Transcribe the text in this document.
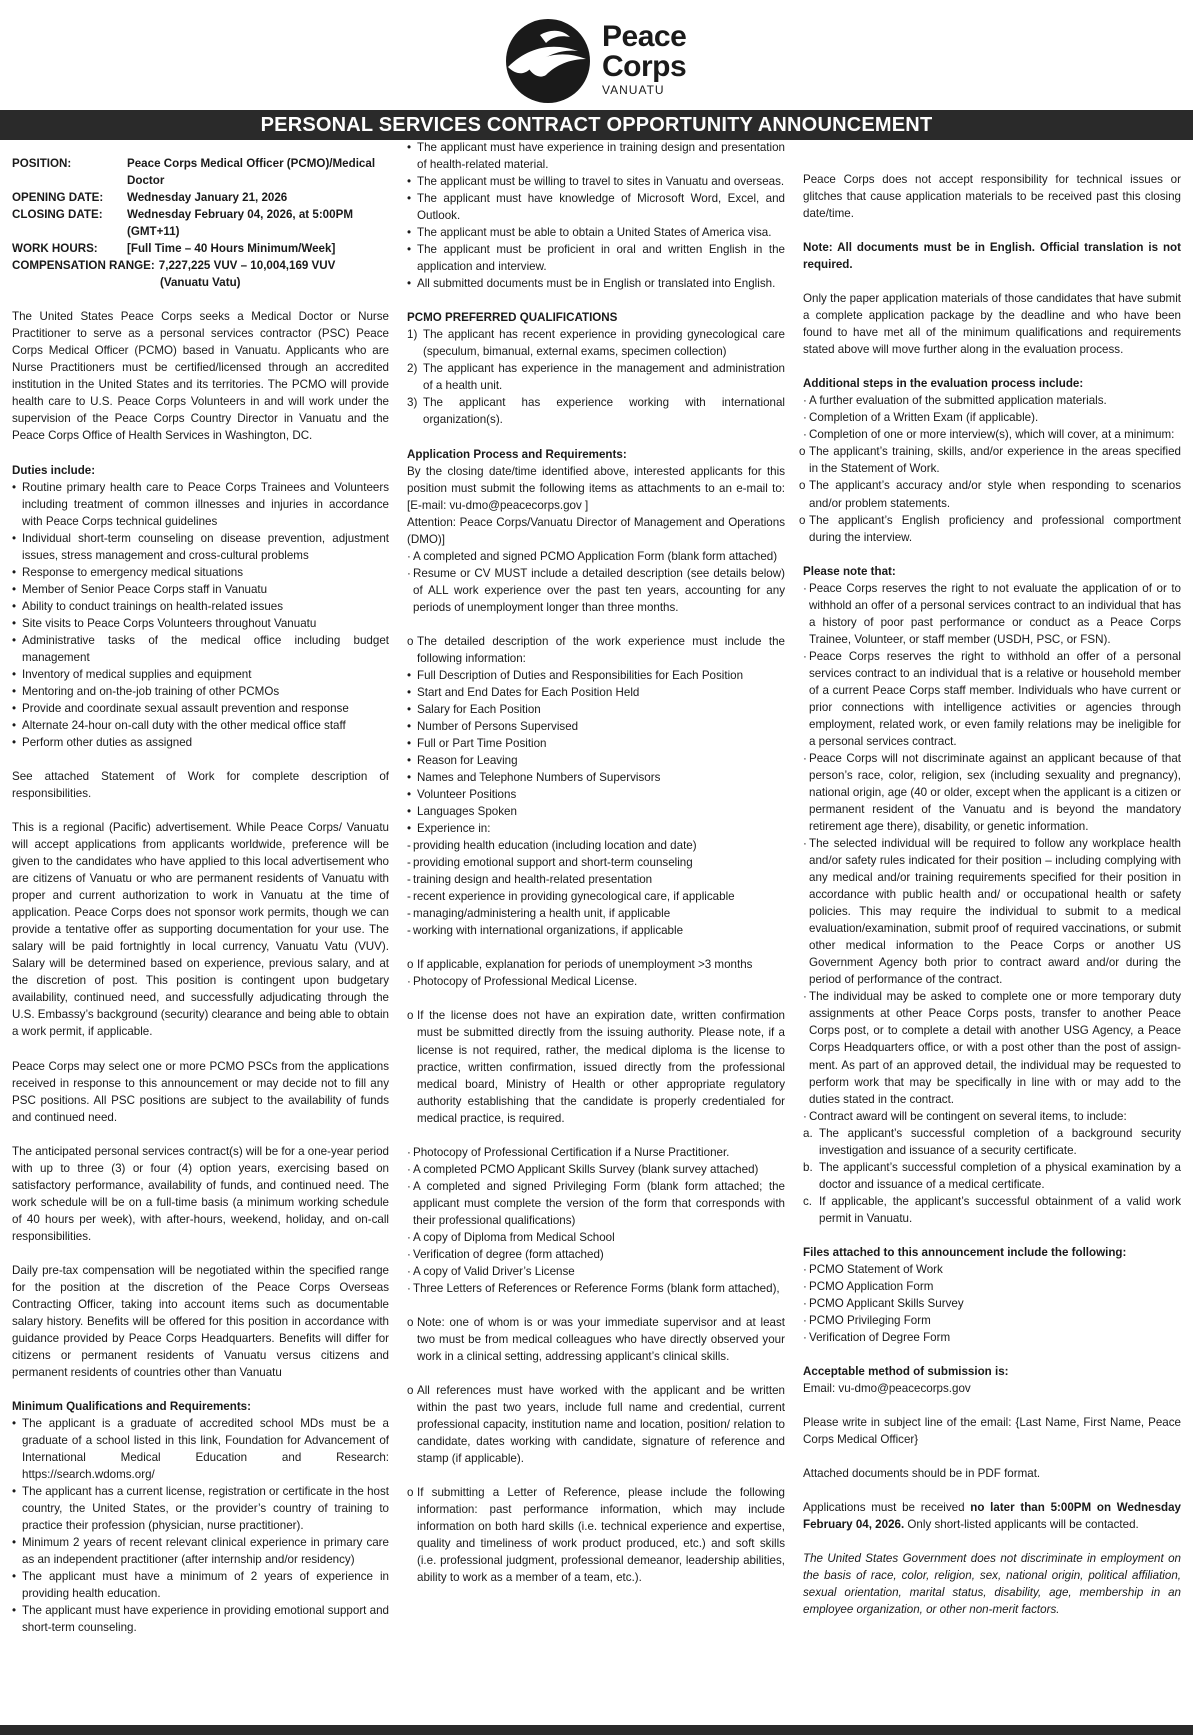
Peace
Corps
VANUATU
PERSONAL SERVICES CONTRACT OPPORTUNITY ANNOUNCEMENT
POSITION:	Peace Corps Medical Officer (PCMO)/Medical Doctor
OPENING DATE:	Wednesday January 21, 2026
CLOSING DATE:	Wednesday February 04, 2026, at 5:00PM (GMT+11)
WORK HOURS:	[Full Time – 40 Hours Minimum/Week]
COMPENSATION RANGE: 7,227,225 VUV – 10,004,169 VUV
(Vanuatu Vatu)

The United States Peace Corps seeks a Medical Doctor or Nurse Practitioner to serve as a personal services contractor (PSC) Peace Corps Medical Officer (PCMO) based in Vanuatu. Applicants who are Nurse Practitioners must be certified/licensed through an accredited institution in the United States and its territories. The PCMO will provide health care to U.S. Peace Corps Volunteers in and will work under the supervision of the Peace Corps Country Director in Vanuatu and the Peace Corps Office of Health Services in Washington, DC.

Duties include:
• Routine primary health care to Peace Corps Trainees and Volunteers including treatment of common illnesses and injuries in accordance with Peace Corps technical guidelines
• Individual short-term counseling on disease prevention, adjustment issues, stress management and cross-cultural problems
• Response to emergency medical situations
• Member of Senior Peace Corps staff in Vanuatu
• Ability to conduct trainings on health-related issues
• Site visits to Peace Corps Volunteers throughout Vanuatu
• Administrative tasks of the medical office including budget management
• Inventory of medical supplies and equipment
• Mentoring and on-the-job training of other PCMOs
• Provide and coordinate sexual assault prevention and response
• Alternate 24-hour on-call duty with the other medical office staff
• Perform other duties as assigned

See attached Statement of Work for complete description of responsibilities.

This is a regional (Pacific) advertisement. While Peace Corps/ Vanuatu will accept applications from applicants worldwide, preference will be given to the candidates who have applied to this local advertisement who are citizens of Vanuatu or who are permanent residents of Vanuatu with proper and current authorization to work in Vanuatu at the time of application. Peace Corps does not sponsor work permits, though we can provide a tentative offer as supporting documentation for your use. The salary will be paid fortnightly in local currency, Vanuatu Vatu (VUV). Salary will be determined based on experience, previous salary, and at the discretion of post. This position is contingent upon budgetary availability, continued need, and successfully adjudicating through the U.S. Embassy’s background (security) clearance and being able to obtain a work permit, if applicable.

Peace Corps may select one or more PCMO PSCs from the applications received in response to this announcement or may decide not to fill any PSC positions. All PSC positions are subject to the availability of funds and continued need.

The anticipated personal services contract(s) will be for a one-year period with up to three (3) or four (4) option years, exercising based on satisfactory performance, availability of funds, and continued need. The work schedule will be on a full-time basis (a minimum working schedule of 40 hours per week), with after-hours, weekend, holiday, and on-call responsibilities.

Daily pre-tax compensation will be negotiated within the specified range for the position at the discretion of the Peace Corps Overseas Contracting Officer, taking into account items such as documentable salary history. Benefits will be offered for this position in accordance with guidance provided by Peace Corps Headquarters. Benefits will differ for citizens or permanent residents of Vanuatu versus citizens and permanent residents of countries other than Vanuatu

Minimum Qualifications and Requirements:
• The applicant is a graduate of accredited school MDs must be a graduate of a school listed in this link, Foundation for Advancement of International Medical Education and Research: https://search.wdoms.org/
• The applicant has a current license, registration or certificate in the host country, the United States, or the provider’s country of training to practice their profession (physician, nurse practitioner).
• Minimum 2 years of recent relevant clinical experience in primary care as an independent practitioner (after internship and/or residency)
• The applicant must have a minimum of 2 years of experience in providing health education.
• The applicant must have experience in providing emotional support and short-term counseling.
• The applicant must have experience in training design and presentation of health-related material.
• The applicant must be willing to travel to sites in Vanuatu and overseas.
• The applicant must have knowledge of Microsoft Word, Excel, and Outlook.
• The applicant must be able to obtain a United States of America visa.
• The applicant must be proficient in oral and written English in the application and interview.
• All submitted documents must be in English or translated into English.
PCMO PREFERRED QUALIFICATIONS
1) The applicant has recent experience in providing gynecological care (speculum, bimanual, external exams, specimen collection)
2) The applicant has experience in the management and administration of a health unit.
3) The applicant has experience working with international organization(s).
Application Process and Requirements:

By the closing date/time identified above, interested applicants for this position must submit the following items as attachments to an e-mail to: [E-mail: vu-dmo@peacecorps.gov ]

Attention: Peace Corps/Vanuatu Director of Management and Operations (DMO)]

· A completed and signed PCMO Application Form (blank form attached)
· Resume or CV MUST include a detailed description (see details below) of ALL work experience over the past ten years, accounting for any periods of unemployment longer than three months.
o The detailed description of the work experience must include the following information:
• Full Description of Duties and Responsibilities for Each Position
• Start and End Dates for Each Position Held
• Salary for Each Position
• Number of Persons Supervised
• Full or Part Time Position
• Reason for Leaving
• Names and Telephone Numbers of Supervisors
• Volunteer Positions
• Languages Spoken
• Experience in:
- providing health education (including location and date)
- providing emotional support and short-term counseling
- training design and health-related presentation
- recent experience in providing gynecological care, if applicable
- managing/administering a health unit, if applicable
- working with international organizations, if applicable
o If applicable, explanation for periods of unemployment >3 months
· Photocopy of Professional Medical License.
o If the license does not have an expiration date, written confirmation must be submitted directly from the issuing authority. Please note, if a license is not required, rather, the medical diploma is the license to practice, written confirmation, issued directly from the professional medical board, Ministry of Health or other appropriate regulatory authority establishing that the candidate is properly credentialed for medical practice, is required.
· Photocopy of Professional Certification if a Nurse Practitioner.
· A completed PCMO Applicant Skills Survey (blank survey attached)
· A completed and signed Privileging Form (blank form attached; the applicant must complete the version of the form that corresponds with their professional qualifications)
· A copy of Diploma from Medical School
· Verification of degree (form attached)
· A copy of Valid Driver’s License
· Three Letters of References or Reference Forms (blank form attached),
o Note: one of whom is or was your immediate supervisor and at least two must be from medical colleagues who have directly observed your work in a clinical setting, addressing applicant’s clinical skills.
o All references must have worked with the applicant and be written within the past two years, include full name and credential, current professional capacity, institution name and location, position/ relation to candidate, dates working with candidate, signature of reference and stamp (if applicable).
o If submitting a Letter of Reference, please include the following information: past performance information, which may include information on both hard skills (i.e. technical experience and expertise, quality and timeliness of work product produced, etc.) and soft skills (i.e. professional judgment, professional demeanor, leadership abilities, ability to work as a member of a team, etc.).

Peace Corps does not accept responsibility for technical issues or glitches that cause application materials to be received past this closing date/time.

Note: All documents must be in English. Official translation is not required.

Only the paper application materials of those candidates that have submit a complete application package by the deadline and who have been found to have met all of the minimum qualifications and requirements stated above will move further along in the evaluation process.

Additional steps in the evaluation process include:
· A further evaluation of the submitted application materials.
· Completion of a Written Exam (if applicable).
· Completion of one or more interview(s), which will cover, at a minimum:
o The applicant’s training, skills, and/or experience in the areas specified in the Statement of Work.
o The applicant’s accuracy and/or style when responding to scenarios and/or problem statements.
o The applicant’s English proficiency and professional comportment during the interview.
Please note that:
· Peace Corps reserves the right to not evaluate the application of or to withhold an offer of a personal services contract to an individual that has a history of poor past performance or conduct as a Peace Corps Trainee, Volunteer, or staff member (USDH, PSC, or FSN).
· Peace Corps reserves the right to withhold an offer of a personal services contract to an individual that is a relative or household member of a current Peace Corps staff member. Individuals who have current or prior connections with intelligence activities or agencies through employment, related work, or even family relations may be ineligible for a personal services contract.
· Peace Corps will not discriminate against an applicant because of that person’s race, color, religion, sex (including sexuality and pregnancy), national origin, age (40 or older, except when the applicant is a citizen or permanent resident of the Vanuatu and is beyond the mandatory retirement age there), disability, or genetic information.
· The selected individual will be required to follow any workplace health and/or safety rules indicated for their position – including complying with any medical and/or training requirements specified for their position in accordance with public health and/ or occupational health or safety policies. This may require the individual to submit to a medical evaluation/examination, submit proof of required vaccinations, or submit other medical information to the Peace Corps or another US Government Agency both prior to contract award and/or during the period of performance of the contract.
· The individual may be asked to complete one or more temporary duty assignments at other Peace Corps posts, transfer to another Peace Corps post, or to complete a detail with another USG Agency, a Peace Corps Headquarters office, or with a post other than the post of assign-ment. As part of an approved detail, the individual may be requested to perform work that may be specifically in line with or may add to the duties stated in the contract.
· Contract award will be contingent on several items, to include:
a. The applicant’s successful completion of a background security investigation and issuance of a security certificate.
b. The applicant’s successful completion of a physical examination by a doctor and issuance of a medical certificate.
c. If applicable, the applicant’s successful obtainment of a valid work permit in Vanuatu.
Files attached to this announcement include the following:
· PCMO Statement of Work
· PCMO Application Form
· PCMO Applicant Skills Survey
· PCMO Privileging Form
· Verification of Degree Form
Acceptable method of submission is:
Email: vu-dmo@peacecorps.gov

Please write in subject line of the email: {Last Name, First Name, Peace Corps Medical Officer}

Attached documents should be in PDF format.

Applications must be received no later than 5:00PM on Wednesday February 04, 2026. Only short-listed applicants will be contacted.

The United States Government does not discriminate in employment on the basis of race, color, religion, sex, national origin, political affiliation, sexual orientation, marital status, disability, age, membership in an employee organization, or other non-merit factors.
